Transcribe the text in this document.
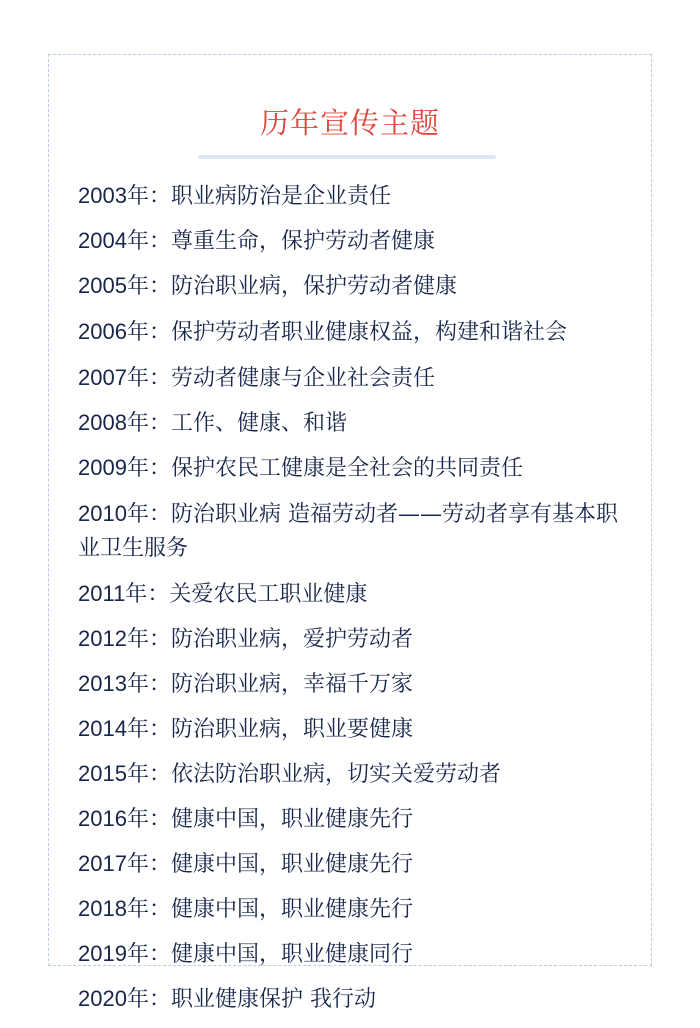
历年宣传主题
2003年：职业病防治是企业责任
2004年：尊重生命，保护劳动者健康
2005年：防治职业病，保护劳动者健康
2006年：保护劳动者职业健康权益，构建和谐社会
2007年：劳动者健康与企业社会责任
2008年：工作、健康、和谐
2009年：保护农民工健康是全社会的共同责任
2010年：防治职业病 造福劳动者——劳动者享有基本职业卫生服务
2011年：关爱农民工职业健康
2012年：防治职业病，爱护劳动者
2013年：防治职业病，幸福千万家
2014年：防治职业病，职业要健康
2015年：依法防治职业病，切实关爱劳动者
2016年：健康中国，职业健康先行
2017年：健康中国，职业健康先行
2018年：健康中国，职业健康先行
2019年：健康中国，职业健康同行
2020年：职业健康保护 我行动
